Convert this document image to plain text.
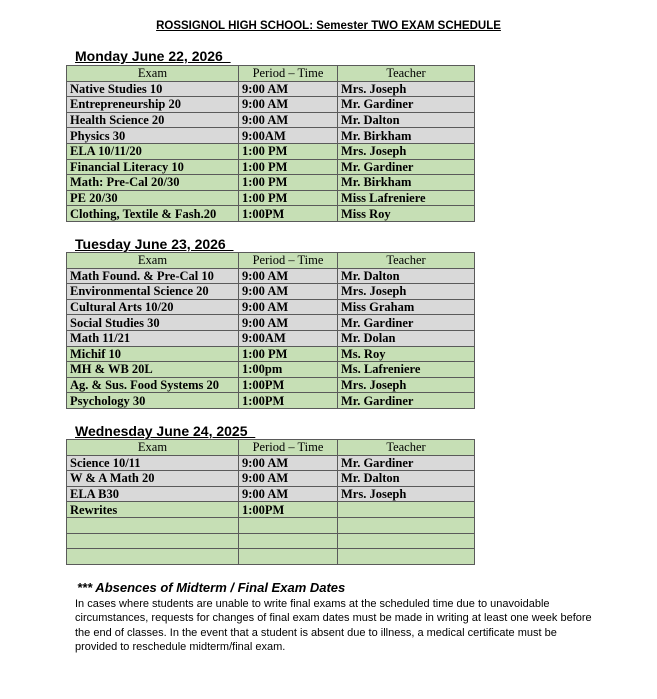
ROSSIGNOL HIGH SCHOOL: Semester TWO EXAM SCHEDULE
Monday June 22, 2026
Exam	Period – Time	Teacher
Native Studies 10	9:00 AM	Mrs. Joseph
Entrepreneurship 20	9:00 AM	Mr. Gardiner
Health Science 20	9:00 AM	Mr. Dalton
Physics 30	9:00AM	Mr. Birkham
ELA 10/11/20	1:00 PM	Mrs. Joseph
Financial Literacy 10	1:00 PM	Mr. Gardiner
Math: Pre-Cal 20/30	1:00 PM	Mr. Birkham
PE 20/30	1:00 PM	Miss Lafreniere
Clothing, Textile & Fash.20	1:00PM	Miss Roy
Tuesday June 23, 2026
Exam	Period – Time	Teacher
Math Found. & Pre-Cal 10	9:00 AM	Mr. Dalton
Environmental Science 20	9:00 AM	Mrs. Joseph
Cultural Arts 10/20	9:00 AM	Miss Graham
Social Studies 30	9:00 AM	Mr. Gardiner
Math 11/21	9:00AM	Mr. Dolan
Michif 10	1:00 PM	Ms. Roy
MH & WB 20L	1:00pm	Ms. Lafreniere
Ag. & Sus. Food Systems 20	1:00PM	Mrs. Joseph
Psychology 30	1:00PM	Mr. Gardiner
Wednesday June 24, 2025
Exam	Period – Time	Teacher
Science 10/11	9:00 AM	Mr. Gardiner
W & A Math 20	9:00 AM	Mr. Dalton
ELA B30	9:00 AM	Mrs. Joseph
Rewrites	1:00PM	

*** Absences of Midterm / Final Exam Dates
In cases where students are unable to write final exams at the scheduled time due to unavoidable circumstances, requests for changes of final exam dates must be made in writing at least one week before the end of classes. In the event that a student is absent due to illness, a medical certificate must be provided to reschedule midterm/final exam.
